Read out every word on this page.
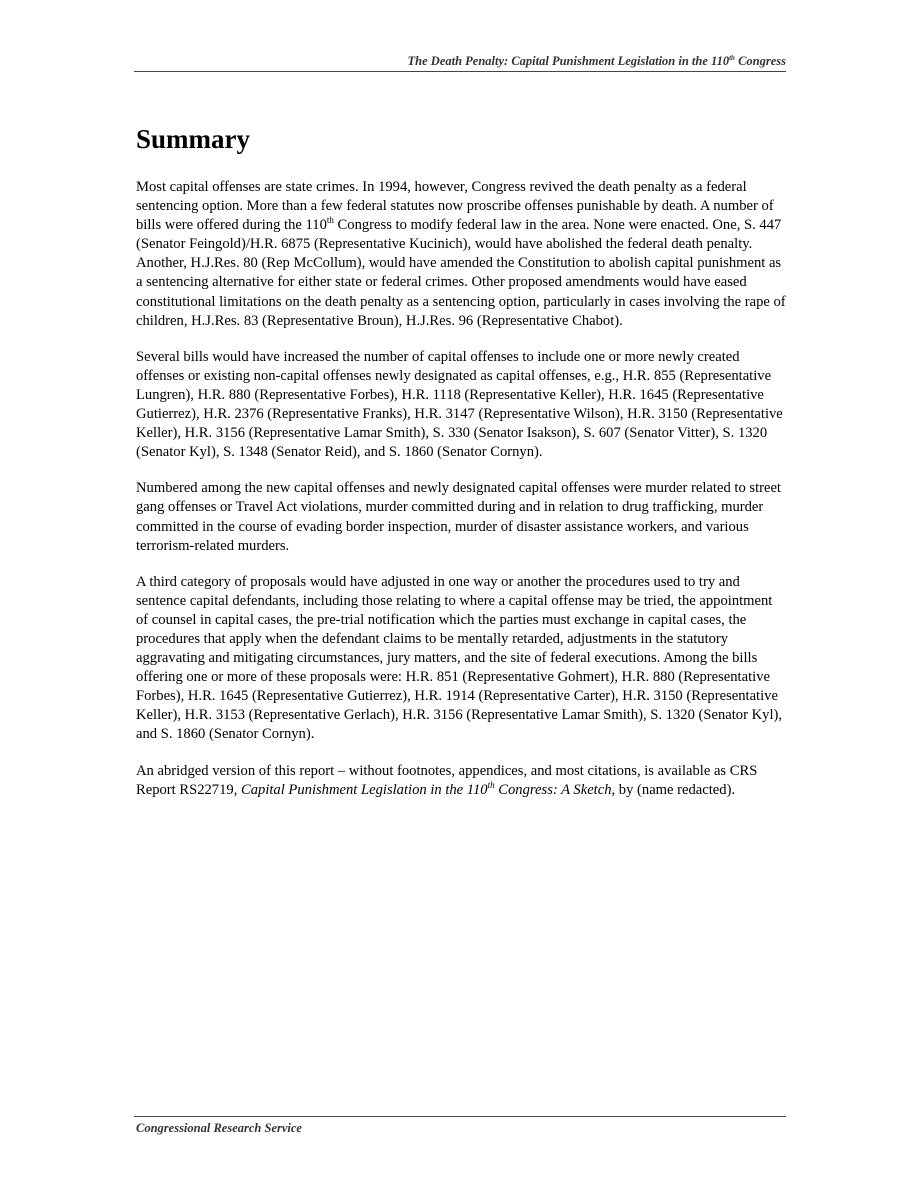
The Death Penalty: Capital Punishment Legislation in the 110th Congress
Summary

Most capital offenses are state crimes. In 1994, however, Congress revived the death penalty as a federal sentencing option. More than a few federal statutes now proscribe offenses punishable by death. A number of bills were offered during the 110th Congress to modify federal law in the area. None were enacted. One, S. 447 (Senator Feingold)/H.R. 6875 (Representative Kucinich), would have abolished the federal death penalty. Another, H.J.Res. 80 (Rep McCollum), would have amended the Constitution to abolish capital punishment as a sentencing alternative for either state or federal crimes. Other proposed amendments would have eased constitutional limitations on the death penalty as a sentencing option, particularly in cases involving the rape of children, H.J.Res. 83 (Representative Broun), H.J.Res. 96 (Representative Chabot).

Several bills would have increased the number of capital offenses to include one or more newly created offenses or existing non-capital offenses newly designated as capital offenses, e.g., H.R. 855 (Representative Lungren), H.R. 880 (Representative Forbes), H.R. 1118 (Representative Keller), H.R. 1645 (Representative Gutierrez), H.R. 2376 (Representative Franks), H.R. 3147 (Representative Wilson), H.R. 3150 (Representative Keller), H.R. 3156 (Representative Lamar Smith), S. 330 (Senator Isakson), S. 607 (Senator Vitter), S. 1320 (Senator Kyl), S. 1348 (Senator Reid), and S. 1860 (Senator Cornyn).

Numbered among the new capital offenses and newly designated capital offenses were murder related to street gang offenses or Travel Act violations, murder committed during and in relation to drug trafficking, murder committed in the course of evading border inspection, murder of disaster assistance workers, and various terrorism-related murders.

A third category of proposals would have adjusted in one way or another the procedures used to try and sentence capital defendants, including those relating to where a capital offense may be tried, the appointment of counsel in capital cases, the pre-trial notification which the parties must exchange in capital cases, the procedures that apply when the defendant claims to be mentally retarded, adjustments in the statutory aggravating and mitigating circumstances, jury matters, and the site of federal executions. Among the bills offering one or more of these proposals were: H.R. 851 (Representative Gohmert), H.R. 880 (Representative Forbes), H.R. 1645 (Representative Gutierrez), H.R. 1914 (Representative Carter), H.R. 3150 (Representative Keller), H.R. 3153 (Representative Gerlach), H.R. 3156 (Representative Lamar Smith), S. 1320 (Senator Kyl), and S. 1860 (Senator Cornyn).

An abridged version of this report – without footnotes, appendices, and most citations, is available as CRS Report RS22719, Capital Punishment Legislation in the 110th Congress: A Sketch, by (name redacted).

Congressional Research Service
